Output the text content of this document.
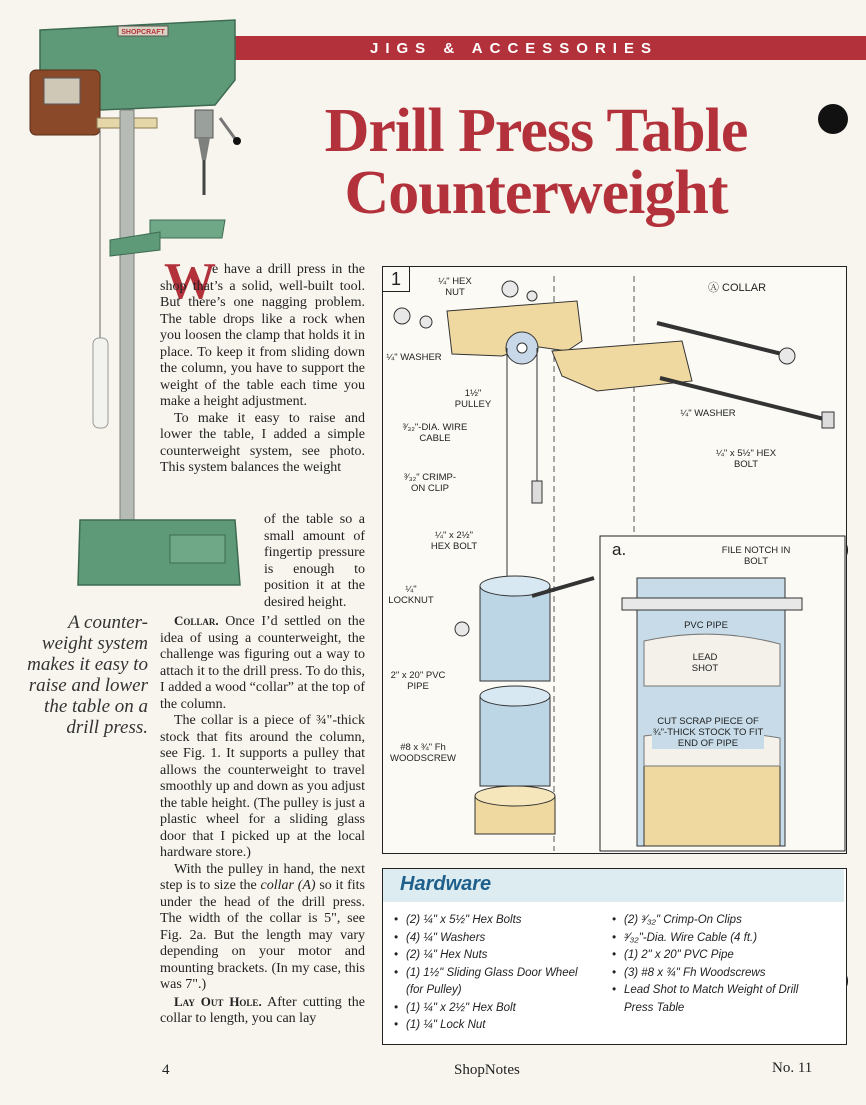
JIGS & ACCESSORIES
SHOPCRAFT
Drill Press Table
Counterweight
A counter-weight system makes it easy to raise and lower the table on a drill press.
W

e have a drill press in the shop that’s a solid, well-built tool. But there’s one nagging problem. The table drops like a rock when you loosen the clamp that holds it in place. To keep it from sliding down the column, you have to support the weight of the table each time you make a height adjustment.

To make it easy to raise and lower the table, I added a simple counterweight system, see photo. This system balances the weight

of the table so a small amount of fingertip pressure is enough to position it at the desired height.

Collar. Once I’d settled on the idea of using a counterweight, the challenge was figuring out a way to attach it to the drill press. To do this, I added a wood “collar” at the top of the column.

The collar is a piece of ¾"-thick stock that fits around the column, see Fig. 1. It supports a pulley that allows the counterweight to travel smoothly up and down as you adjust the table height. (The pulley is just a plastic wheel for a sliding glass door that I picked up at the local hardware store.)

With the pulley in hand, the next step is to size the collar (A) so it fits under the head of the drill press. The width of the collar is 5", see Fig. 2a. But the length may vary depending on your motor and mounting brackets. (In my case, this was 7".)

Lay Out Hole. After cutting the collar to length, you can lay

1	¼" HEX NUT
¼" WASHER
Ⓐ COLLAR
1½" PULLEY
³⁄₃₂"-DIA. WIRE CABLE
¼" WASHER
¼" x 5½" HEX BOLT
³⁄₃₂" CRIMP-ON CLIP
¼" x 2½" HEX BOLT
¼" LOCKNUT
2" x 20" PVC PIPE
#8 x ¾" Fh WOODSCREW
a.	FILE NOTCH IN BOLT
PVC PIPE
LEAD SHOT
CUT SCRAP PIECE OF ¾"-THICK STOCK TO FIT END OF PIPE
Hardware
• (2) ¼" x 5½" Hex Bolts
• (4) ¼" Washers
• (2) ¼" Hex Nuts
• (1) 1½" Sliding Glass Door Wheel (for Pulley)
• (1) ¼" x 2½" Hex Bolt
• (1) ¼" Lock Nut
• (2) ³⁄₃₂" Crimp-On Clips
• ³⁄₃₂"-Dia. Wire Cable (4 ft.)
• (1) 2" x 20" PVC Pipe
• (3) #8 x ¾" Fh Woodscrews
• Lead Shot to Match Weight of Drill Press Table
4	ShopNotes	No. 11
